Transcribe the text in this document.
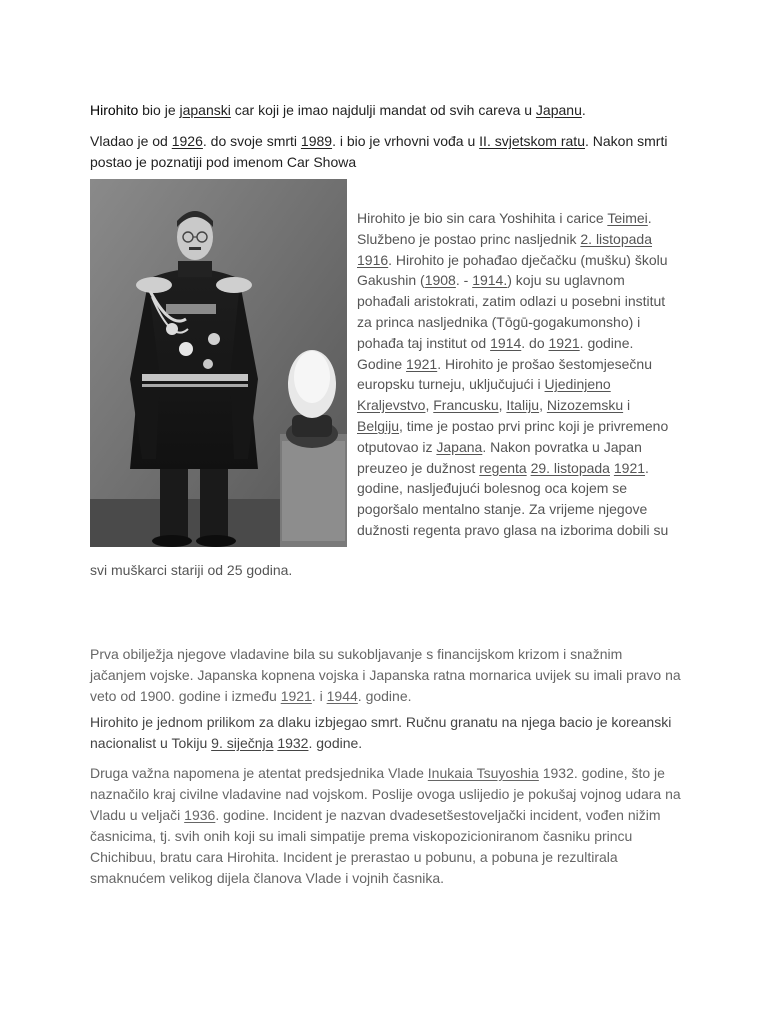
Hirohito bio je japanski car koji je imao najdulji mandat od svih careva u Japanu.

Vladao je od 1926. do svoje smrti 1989. i bio je vrhovni vođa u II. svjetskom ratu. Nakon smrti postao je poznatiji pod imenom Car Showa

Hirohito je bio sin cara Yoshihita i carice Teimei. Službeno je postao princ nasljednik 2. listopada 1916. Hirohito je pohađao dječačku (mušku) školu Gakushin (1908. - 1914.) koju su uglavnom pohađali aristokrati, zatim odlazi u posebni institut za princa nasljednika (Tōgū-gogakumonsho) i pohađa taj institut od 1914. do 1921. godine. Godine 1921. Hirohito je prošao šestomjesečnu europsku turneju, uključujući i Ujedinjeno Kraljevstvo, Francusku, Italiju, Nizozemsku i Belgiju, time je postao prvi princ koji je privremeno otputovao iz Japana. Nakon povratka u Japan preuzeo je dužnost regenta 29. listopada 1921. godine, nasljeđujući bolesnog oca kojem se pogoršalo mentalno stanje. Za vrijeme njegove dužnosti regenta pravo glasa na izborima dobili su

svi muškarci stariji od 25 godina.

Prva obilježja njegove vladavine bila su sukobljavanje s financijskom krizom i snažnim jačanjem vojske. Japanska kopnena vojska i Japanska ratna mornarica uvijek su imali pravo na veto od 1900. godine i između 1921. i 1944. godine.

Hirohito je jednom prilikom za dlaku izbjegao smrt. Ručnu granatu na njega bacio je koreanski nacionalist u Tokiju 9. siječnja 1932. godine.

Druga važna napomena je atentat predsjednika Vlade Inukaia Tsuyoshia 1932. godine, što je naznačilo kraj civilne vladavine nad vojskom. Poslije ovoga uslijedio je pokušaj vojnog udara na Vladu u veljači 1936. godine. Incident je nazvan dvadesetšestoveljački incident, vođen nižim časnicima, tj. svih onih koji su imali simpatije prema viskopozicioniranom časniku princu Chichibuu, bratu cara Hirohita. Incident je prerastao u pobunu, a pobuna je rezultirala smaknućem velikog dijela članova Vlade i vojnih časnika.
